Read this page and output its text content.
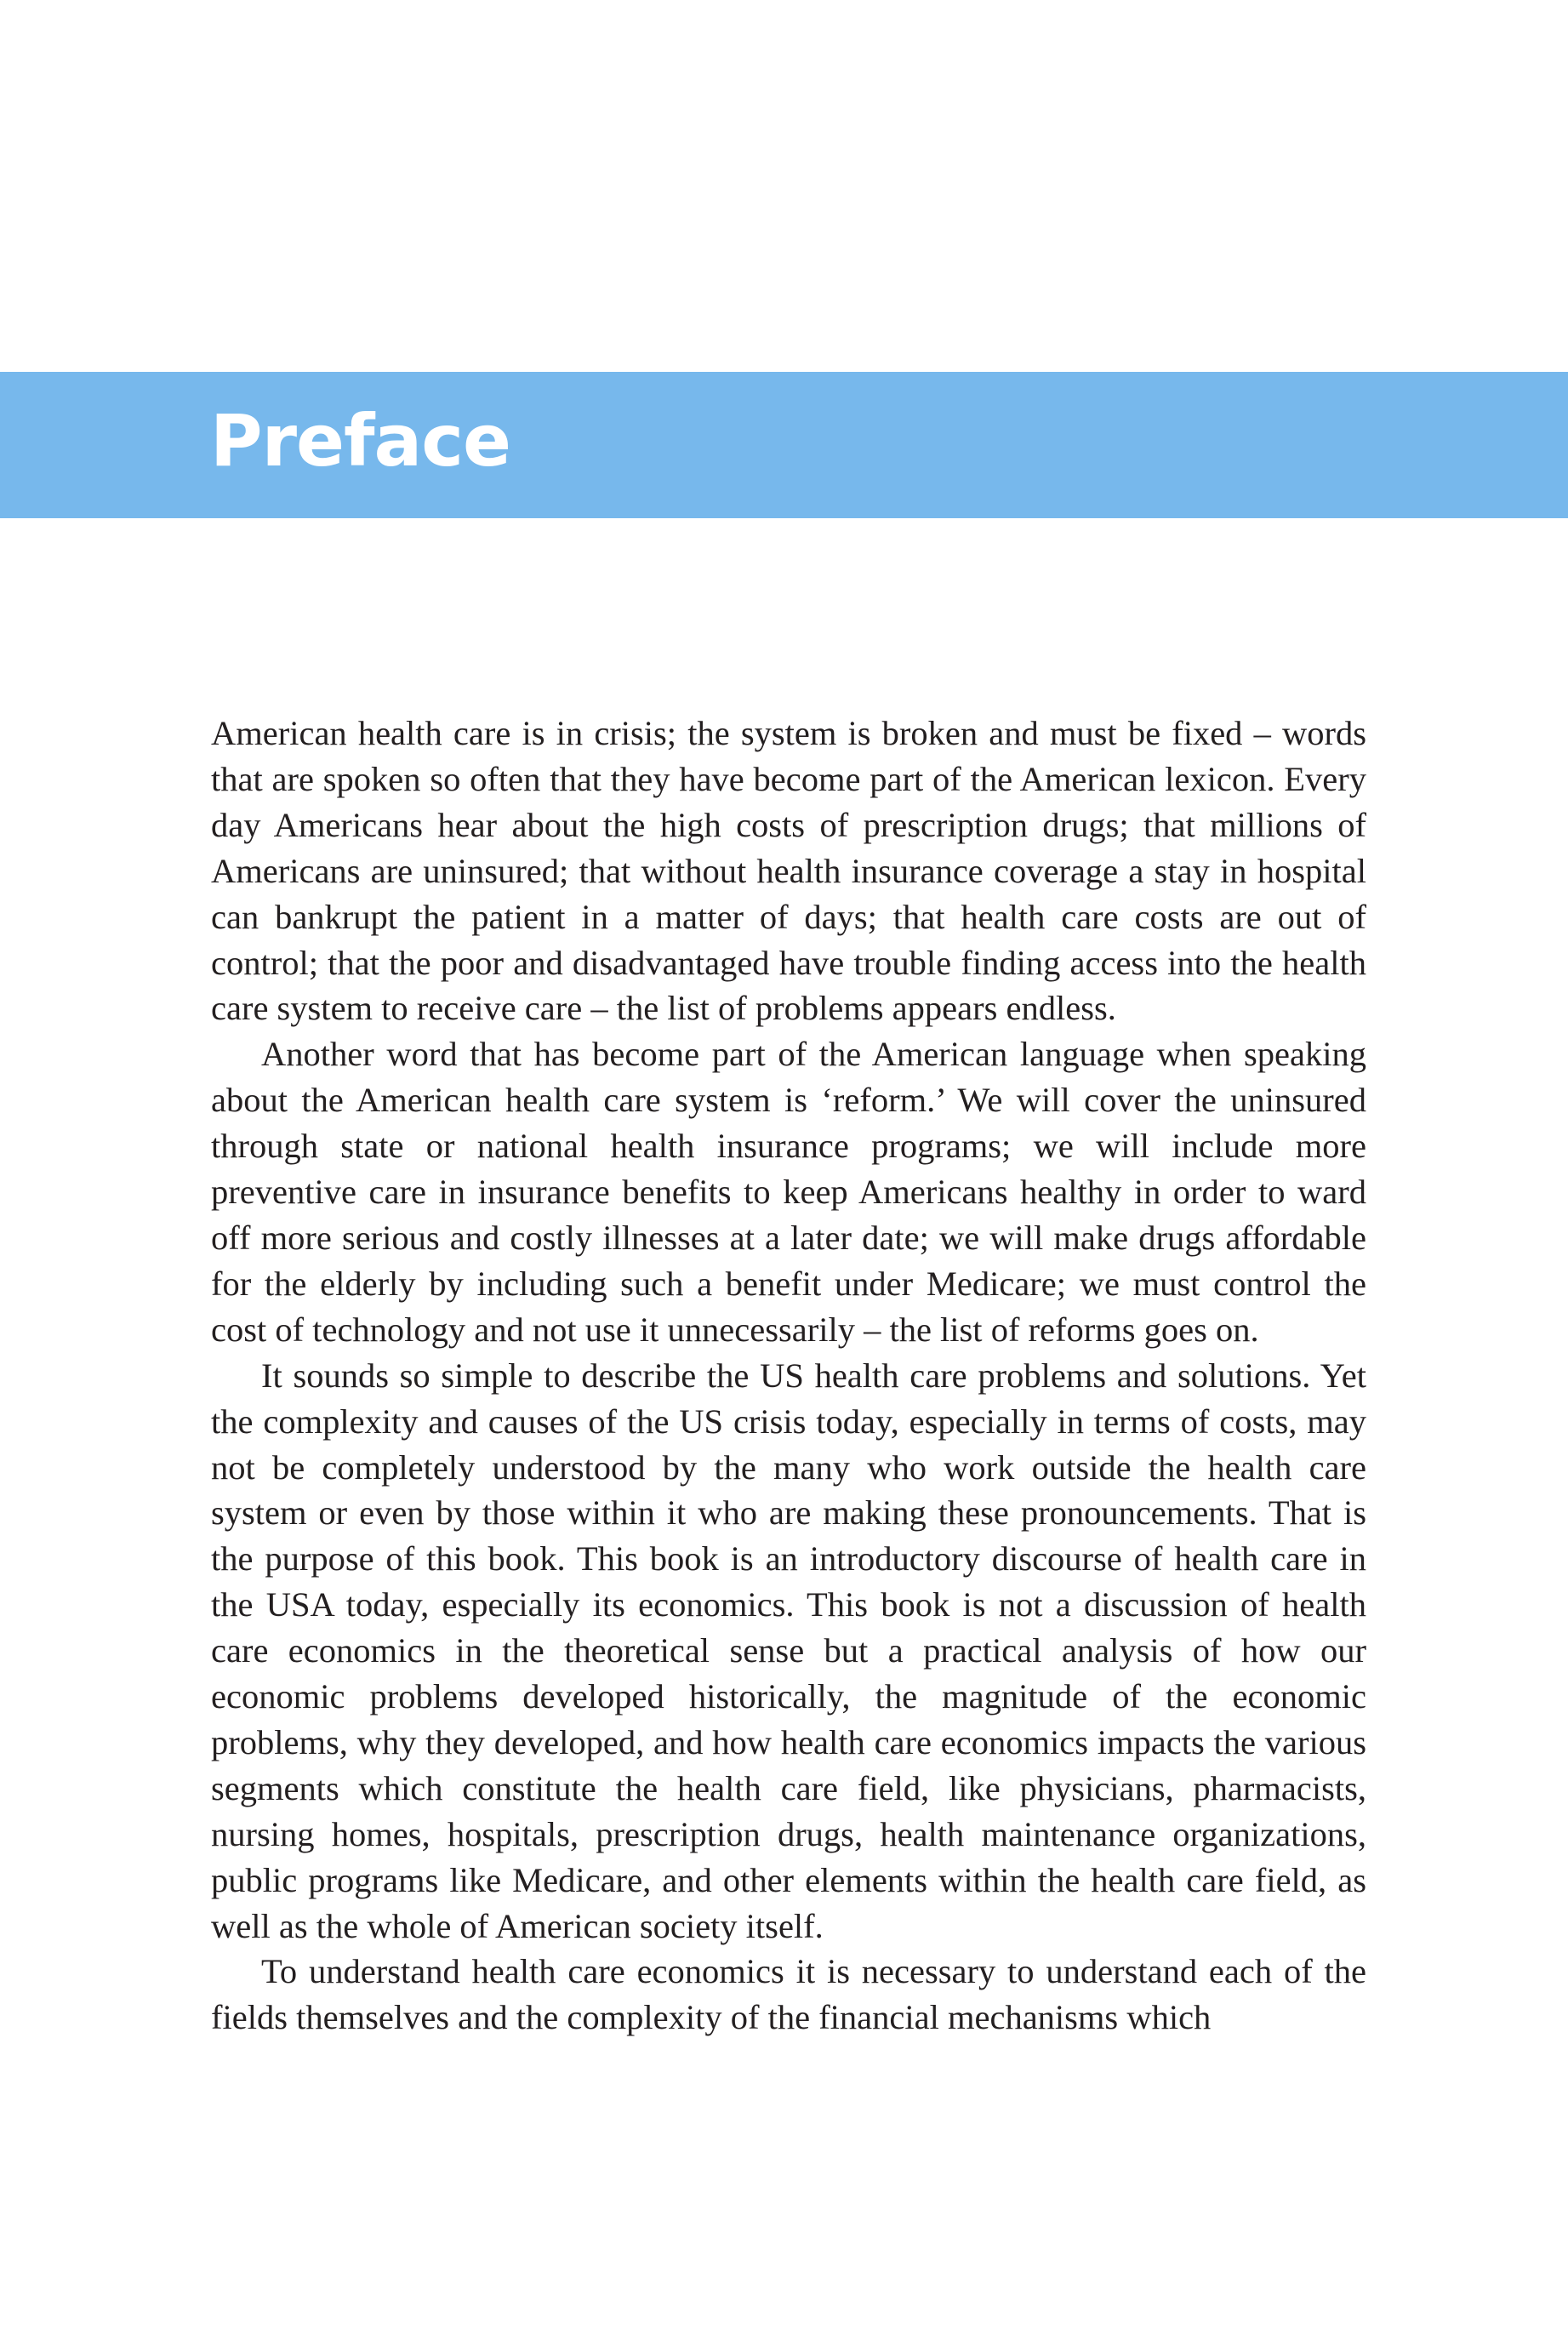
Preface

American health care is in crisis; the system is broken and must be fixed – words that are spoken so often that they have become part of the American lexicon. Every day Americans hear about the high costs of prescription drugs; that millions of Americans are uninsured; that without health insurance coverage a stay in hospital can bankrupt the patient in a matter of days; that health care costs are out of control; that the poor and disadvantaged have trouble finding access into the health care system to receive care – the list of problems appears endless.

Another word that has become part of the American language when speaking about the American health care system is ‘reform.’ We will cover the uninsured through state or national health insurance programs; we will include more preventive care in insurance benefits to keep Americans healthy in order to ward off more serious and costly illnesses at a later date; we will make drugs affordable for the elderly by including such a benefit under Medicare; we must control the cost of technology and not use it unnecessarily – the list of reforms goes on.

It sounds so simple to describe the US health care problems and solutions. Yet the complexity and causes of the US crisis today, especially in terms of costs, may not be completely understood by the many who work outside the health care system or even by those within it who are making these pronouncements. That is the purpose of this book. This book is an introductory discourse of health care in the USA today, especially its economics. This book is not a discussion of health care economics in the theoretical sense but a practical analysis of how our economic problems developed historically, the magnitude of the economic problems, why they developed, and how health care economics impacts the various segments which constitute the health care field, like physicians, pharmacists, nursing homes, hospitals, prescription drugs, health maintenance organizations, public programs like Medicare, and other elements within the health care field, as well as the whole of American society itself.

To understand health care economics it is necessary to understand each of the fields themselves and the complexity of the financial mechanisms which
